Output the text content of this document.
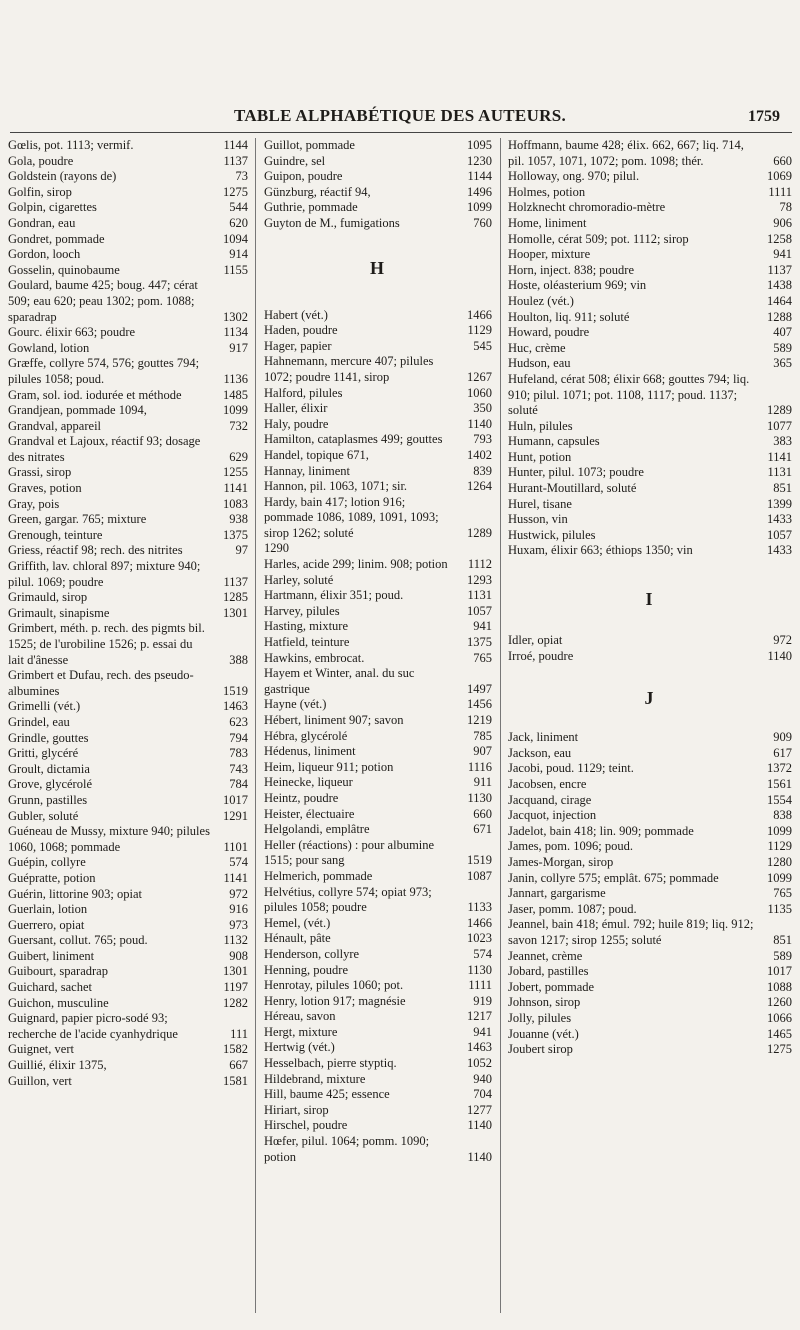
TABLE ALPHABÉTIQUE DES AUTEURS.	1759
Gœlis, pot. 1113; vermif.	1144
Gola, poudre	1137
Goldstein (rayons de)	73
Golfin, sirop	1275
Golpin, cigarettes	544
Gondran, eau	620
Gondret, pommade	1094
Gordon, looch	914
Gosselin, quinobaume	1155
Goulard, baume 425; boug. 447; cérat 509; eau 620; peau 1302; pom. 1088; sparadrap	1302
Gourc. élixir 663; poudre	1134
Gowland, lotion	917
Græffe, collyre 574, 576; gouttes 794; pilules 1058; poud.	1136
Gram, sol. iod. iodurée et méthode	1485
Grandjean, pommade 1094,	1099
Grandval, appareil	732
Grandval et Lajoux, réactif 93; dosage des nitrates	629
Grassi, sirop	1255
Graves, potion	1141
Gray, pois	1083
Green, gargar. 765; mixture	938
Grenough, teinture	1375
Griess, réactif 98; rech. des nitrites	97
Griffith, lav. chloral 897; mixture 940; pilul. 1069; poudre	1137
Grimauld, sirop	1285
Grimault, sinapisme	1301
Grimbert, méth. p. rech. des pigmts bil. 1525; de l'urobiline 1526; p. essai du lait d'ânesse	388
Grimbert et Dufau, rech. des pseudo-albumines	1519
Grimelli (vét.)	1463
Grindel, eau	623
Grindle, gouttes	794
Gritti, glycéré	783
Groult, dictamia	743
Grove, glycérolé	784
Grunn, pastilles	1017
Gubler, soluté	1291
Guéneau de Mussy, mixture 940; pilules 1060, 1068; pommade	1101
Guépin, collyre	574
Guépratte, potion	1141
Guérin, littorine 903; opiat	972
Guerlain, lotion	916
Guerrero, opiat	973
Guersant, collut. 765; poud.	1132
Guibert, liniment	908
Guibourt, sparadrap	1301
Guichard, sachet	1197
Guichon, musculine	1282
Guignard, papier picro-sodé 93; recherche de l'acide cyanhydrique	111
Guignet, vert	1582
Guillié, élixir 1375,	667
Guillon, vert	1581
Guillot, pommade	1095
Guindre, sel	1230
Guipon, poudre	1144
Günzburg, réactif 94,	1496
Guthrie, pommade	1099
Guyton de M., fumigations	760
H
Habert (vét.)	1466
Haden, poudre	1129
Hager, papier	545
Hahnemann, mercure 407; pilules 1072; poudre 1141, sirop	1267
Halford, pilules	1060
Haller, élixir	350
Haly, poudre	1140
Hamilton, cataplasmes 499; gouttes	793
Handel, topique 671,	1402
Hannay, liniment	839
Hannon, pil. 1063, 1071; sir.	1264
Hardy, bain 417; lotion 916; pommade 1086, 1089, 1091, 1093; sirop 1262; soluté	1289
1290
Harles, acide 299; linim. 908; potion	1112
Harley, soluté	1293
Hartmann, élixir 351; poud.	1131
Harvey, pilules	1057
Hasting, mixture	941
Hatfield, teinture	1375
Hawkins, embrocat.	765
Hayem et Winter, anal. du suc gastrique	1497
Hayne (vét.)	1456
Hébert, liniment 907; savon	1219
Hébra, glycérolé	785
Hédenus, liniment	907
Heim, liqueur 911; potion	1116
Heinecke, liqueur	911
Heintz, poudre	1130
Heister, électuaire	660
Helgolandi, emplâtre	671
Heller (réactions) : pour albumine 1515; pour sang	1519
Helmerich, pommade	1087
Helvétius, collyre 574; opiat 973; pilules 1058; poudre	1133
Hemel, (vét.)	1466
Hénault, pâte	1023
Henderson, collyre	574
Henning, poudre	1130
Henrotay, pilules 1060; pot.	1111
Henry, lotion 917; magnésie	919
Héreau, savon	1217
Hergt, mixture	941
Hertwig (vét.)	1463
Hesselbach, pierre styptiq.	1052
Hildebrand, mixture	940
Hill, baume 425; essence	704
Hiriart, sirop	1277
Hirschel, poudre	1140
Hœfer, pilul. 1064; pomm. 1090; potion	1140
Hoffmann, baume 428; élix. 662, 667; liq. 714, pil. 1057, 1071, 1072; pom. 1098; thér.	660
Holloway, ong. 970; pilul.	1069
Holmes, potion	1111
Holzknecht chromoradio-mètre	78
Home, liniment	906
Homolle, cérat 509; pot. 1112; sirop	1258
Hooper, mixture	941
Horn, inject. 838; poudre	1137
Hoste, oléasterium 969; vin	1438
Houlez (vét.)	1464
Houlton, liq. 911; soluté	1288
Howard, poudre	407
Huc, crème	589
Hudson, eau	365
Hufeland, cérat 508; élixir 668; gouttes 794; liq. 910; pilul. 1071; pot. 1108, 1117; poud. 1137; soluté	1289
Huln, pilules	1077
Humann, capsules	383
Hunt, potion	1141
Hunter, pilul. 1073; poudre	1131
Hurant-Moutillard, soluté	851
Hurel, tisane	1399
Husson, vin	1433
Hustwick, pilules	1057
Huxam, élixir 663; éthiops 1350; vin	1433
I
Idler, opiat	972
Irroé, poudre	1140
J
Jack, liniment	909
Jackson, eau	617
Jacobi, poud. 1129; teint.	1372
Jacobsen, encre	1561
Jacquand, cirage	1554
Jacquot, injection	838
Jadelot, bain 418; lin. 909; pommade	1099
James, pom. 1096; poud.	1129
James-Morgan, sirop	1280
Janin, collyre 575; emplât. 675; pommade	1099
Jannart, gargarisme	765
Jaser, pomm. 1087; poud.	1135
Jeannel, bain 418; émul. 792; huile 819; liq. 912; savon 1217; sirop 1255; soluté	851
Jeannet, crème	589
Jobard, pastilles	1017
Jobert, pommade	1088
Johnson, sirop	1260
Jolly, pilules	1066
Jouanne (vét.)	1465
Joubert sirop	1275
